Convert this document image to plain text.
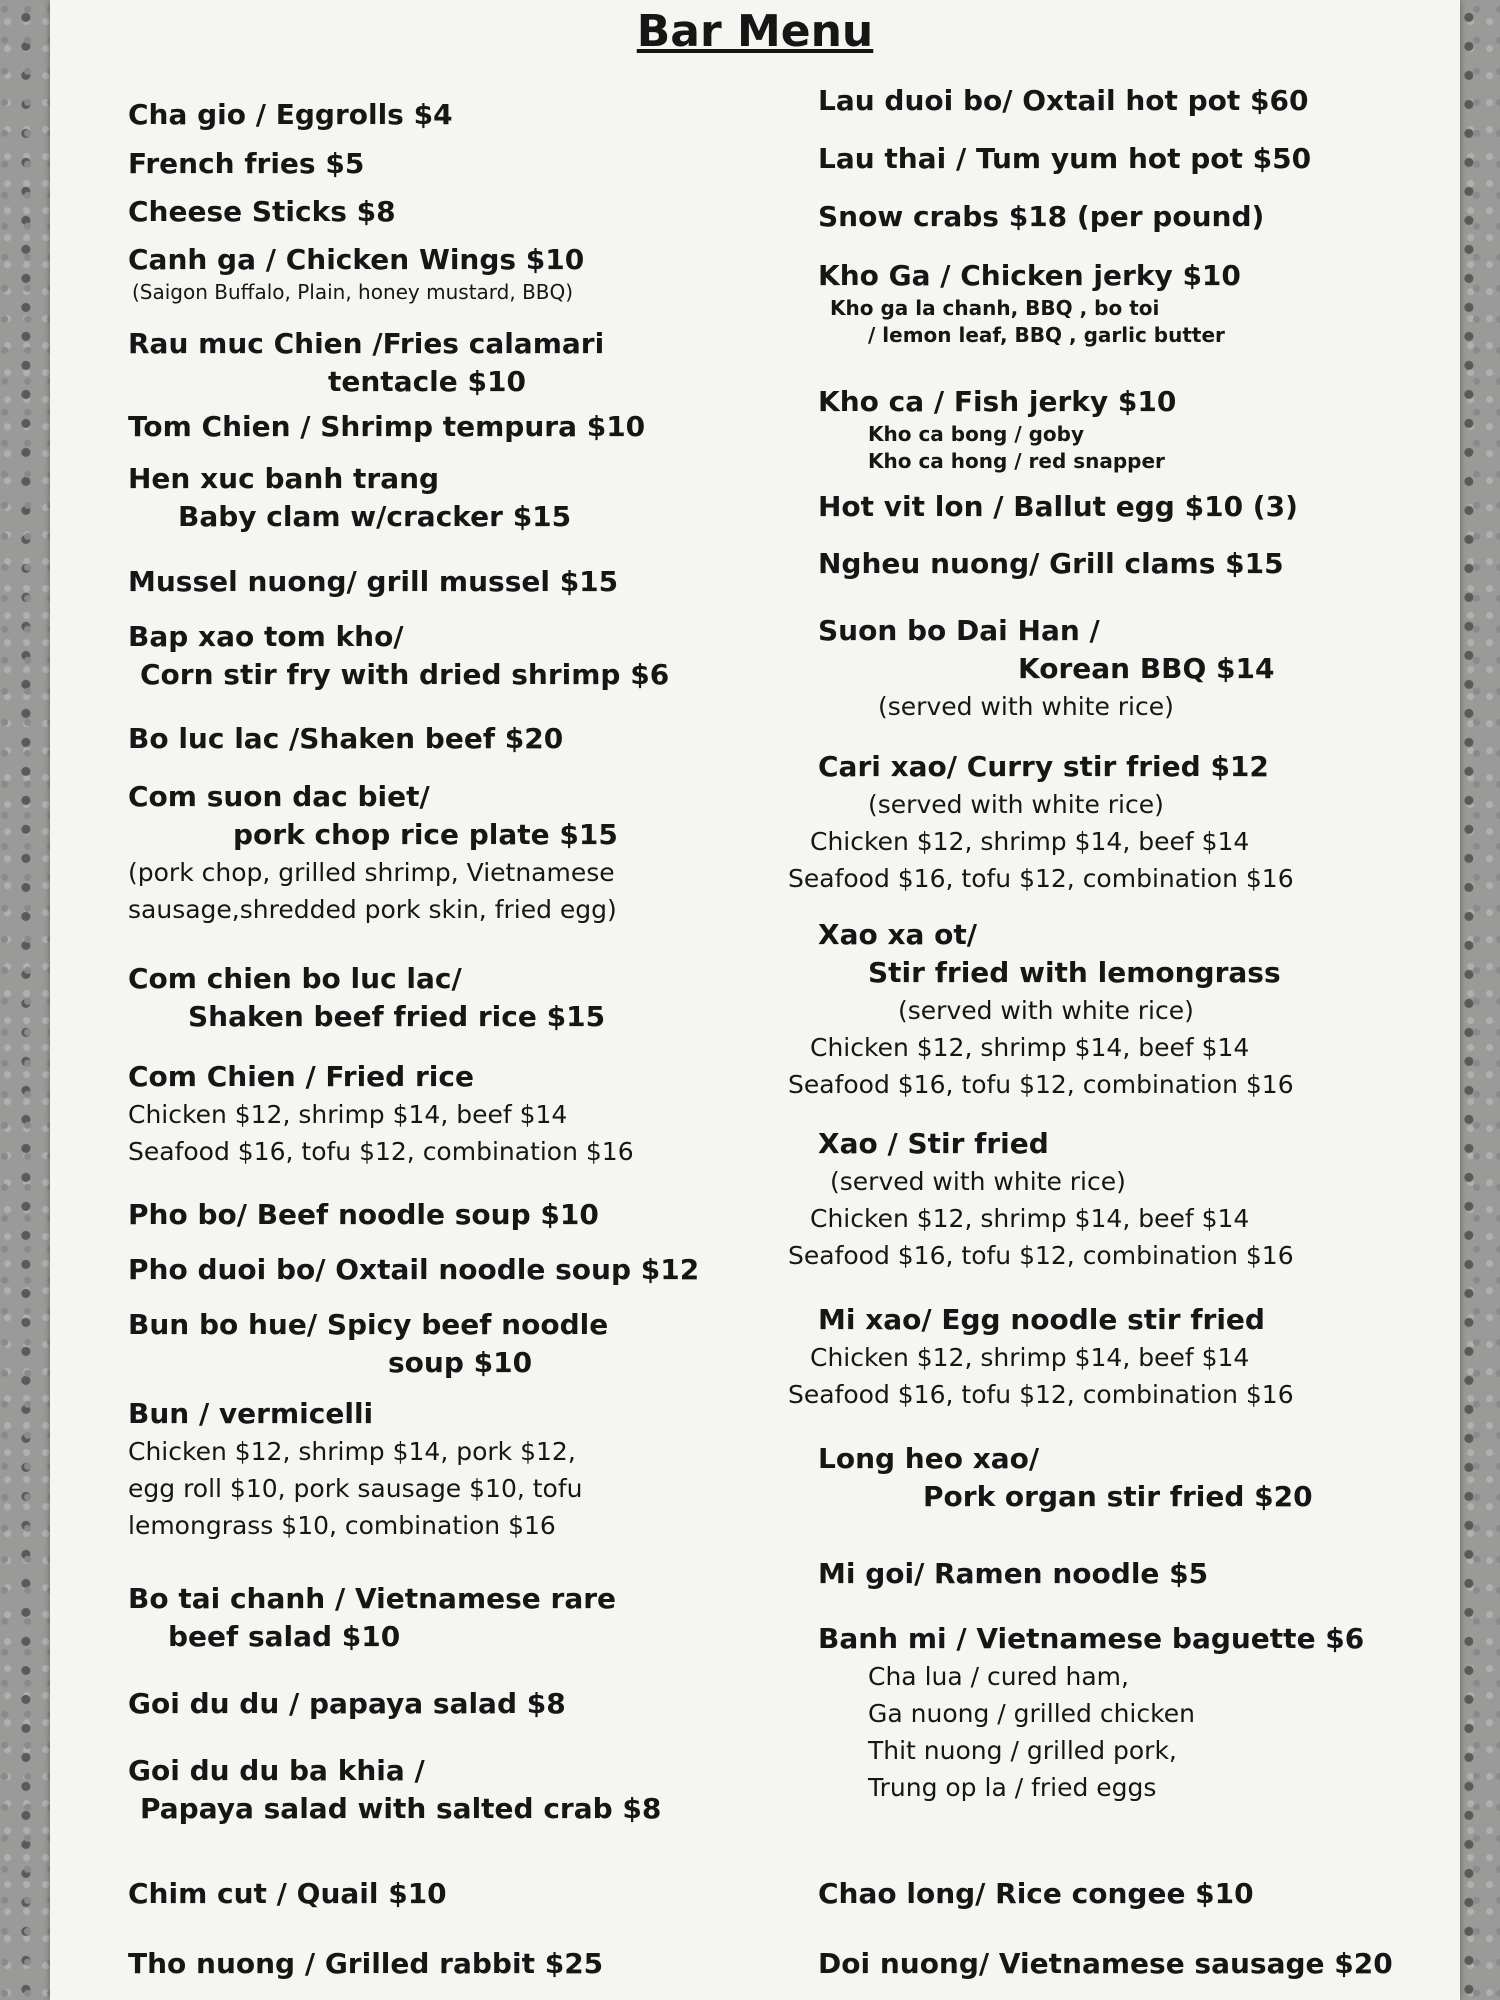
Bar Menu
Cha gio / Eggrolls $4
French fries $5
Cheese Sticks $8
Canh ga / Chicken Wings $10
(Saigon Buffalo, Plain, honey mustard, BBQ)
Rau muc Chien /Fries calamari
tentacle $10
Tom Chien / Shrimp tempura $10
Hen xuc banh trang
Baby clam w/cracker $15
Mussel nuong/ grill mussel $15
Bap xao tom kho/
Corn stir fry with dried shrimp $6
Bo luc lac /Shaken beef $20
Com suon dac biet/
pork chop rice plate $15
(pork chop, grilled shrimp, Vietnamese
sausage,shredded pork skin, fried egg)
Com chien bo luc lac/
Shaken beef fried rice $15
Com Chien / Fried rice
Chicken $12, shrimp $14, beef $14
Seafood $16, tofu $12, combination $16
Pho bo/ Beef noodle soup $10
Pho duoi bo/ Oxtail noodle soup $12
Bun bo hue/ Spicy beef noodle
soup $10
Bun / vermicelli
Chicken $12, shrimp $14, pork $12,
egg roll $10, pork sausage $10, tofu
lemongrass $10, combination $16
Bo tai chanh / Vietnamese rare
beef salad $10
Goi du du / papaya salad $8
Goi du du ba khia /
Papaya salad with salted crab $8
Chim cut / Quail $10
Tho nuong / Grilled rabbit $25
Lau duoi bo/ Oxtail hot pot $60
Lau thai / Tum yum hot pot $50
Snow crabs $18 (per pound)
Kho Ga / Chicken jerky $10
Kho ga la chanh, BBQ , bo toi
/ lemon leaf, BBQ , garlic butter
Kho ca / Fish jerky $10
Kho ca bong / goby
Kho ca hong / red snapper
Hot vit lon / Ballut egg $10 (3)
Ngheu nuong/ Grill clams $15
Suon bo Dai Han /
Korean BBQ $14
(served with white rice)
Cari xao/ Curry stir fried $12
(served with white rice)
Chicken $12, shrimp $14, beef $14
Seafood $16, tofu $12, combination $16
Xao xa ot/
Stir fried with lemongrass
(served with white rice)
Chicken $12, shrimp $14, beef $14
Seafood $16, tofu $12, combination $16
Xao / Stir fried
(served with white rice)
Chicken $12, shrimp $14, beef $14
Seafood $16, tofu $12, combination $16
Mi xao/ Egg noodle stir fried
Chicken $12, shrimp $14, beef $14
Seafood $16, tofu $12, combination $16
Long heo xao/
Pork organ stir fried $20
Mi goi/ Ramen noodle $5
Banh mi / Vietnamese baguette $6
Cha lua / cured ham,
Ga nuong / grilled chicken
Thit nuong / grilled pork,
Trung op la / fried eggs
Chao long/ Rice congee $10
Doi nuong/ Vietnamese sausage $20
